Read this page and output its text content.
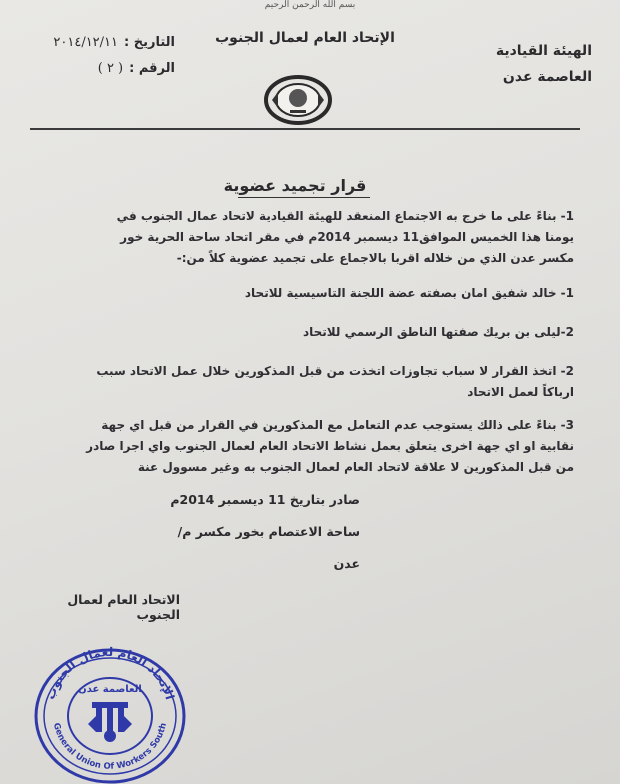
بسم الله الرحمن الرحيم
الهيئة القيادية
العاصمة عدن
الإتحاد العام لعمال الجنوب
التاريخ :
٢٠١٤/١٢/١١
الرقم :
( ٢ )
قرار تجميد عضوية

1- بناءً على ما خرج به الاجتماع المنعقد للهيئة القيادية لاتحاد عمال الجنوب في يومنا هذا الخميس الموافق11 ديسمبر 2014م في مقر اتحاد ساحة الحرية خور مكسر عدن الذي من خلاله اقربا بالاجماع على تجميد عضوية كلاً من:-

1- خالد شفيق امان بصفته عضة اللجنة التاسيسية للاتحاد

2-ليلى بن بريك صفتها الناطق الرسمي للاتحاد

2- اتخذ القرار لا سباب تجاوزات اتخذت من قبل المذكورين خلال عمل الاتحاد سبب ارباكاً لعمل الاتحاد

3- بناءً على ذالك يستوجب عدم التعامل مع المذكورين في القرار من قبل اي جهة نقابية او اي جهة اخرى يتعلق بعمل نشاط الاتحاد العام لعمال الجنوب واي اجرا صادر من قبل المذكورين لا علاقة لاتحاد العام لعمال الجنوب به وغير مسوول عنة

صادر بتاريخ 11 ديسمبر 2014م
ساحة الاعتصام بخور مكسر م/عدن
الاتحاد العام لعمال الجنوب
الإتحاد العام لعمال الجنوب
العاصمة عدن
General Union Of Workers South
